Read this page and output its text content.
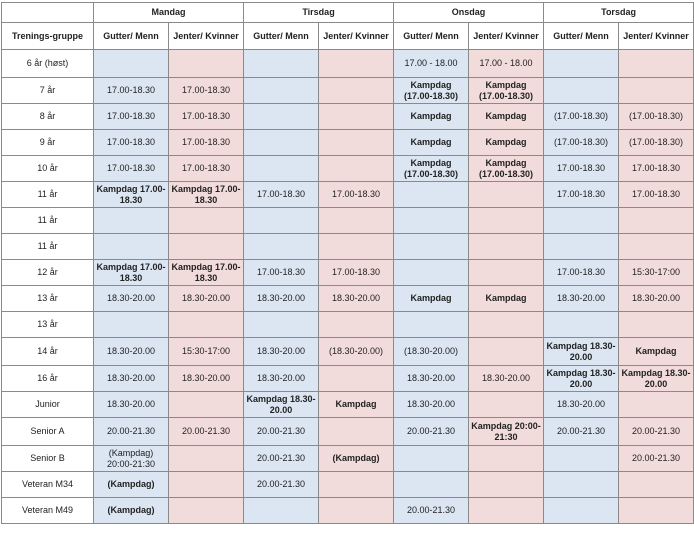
	Mandag		Tirsdag		Onsdag		Torsdag	
Trenings-gruppe	Gutter/ Menn	Jenter/ Kvinner	Gutter/ Menn	Jenter/ Kvinner	Gutter/ Menn	Jenter/ Kvinner	Gutter/ Menn	Jenter/ Kvinner
6 år (høst)					17.00 - 18.00	17.00 - 18.00		
7 år	17.00-18.30	17.00-18.30			Kampdag (17.00-18.30)	Kampdag (17.00-18.30)		
8 år	17.00-18.30	17.00-18.30			Kampdag	Kampdag	(17.00-18.30)	(17.00-18.30)
9 år	17.00-18.30	17.00-18.30			Kampdag	Kampdag	(17.00-18.30)	(17.00-18.30)
10 år	17.00-18.30	17.00-18.30			Kampdag (17.00-18.30)	Kampdag (17.00-18.30)	17.00-18.30	17.00-18.30
11 år	Kampdag 17.00-18.30	Kampdag 17.00-18.30	17.00-18.30	17.00-18.30			17.00-18.30	17.00-18.30
11 år								
11 år								
12 år	Kampdag 17.00-18.30	Kampdag 17.00-18.30	17.00-18.30	17.00-18.30			17.00-18.30	15:30-17:00
13 år	18.30-20.00	18.30-20.00	18.30-20.00	18.30-20.00	Kampdag	Kampdag	18.30-20.00	18.30-20.00
13 år								
14 år	18.30-20.00	15:30-17:00	18.30-20.00	(18.30-20.00)	(18.30-20.00)		Kampdag 18.30-20.00	Kampdag
16 år	18.30-20.00	18.30-20.00	18.30-20.00		18.30-20.00	18.30-20.00	Kampdag 18.30-20.00	Kampdag 18.30-20.00
Junior	18.30-20.00		Kampdag 18.30-20.00	Kampdag	18.30-20.00		18.30-20.00	
Senior A	20.00-21.30	20.00-21.30	20.00-21.30		20.00-21.30	Kampdag 20:00-21:30	20.00-21.30	20.00-21.30
Senior B	(Kampdag) 20:00-21:30		20.00-21.30	(Kampdag)				20.00-21.30
Veteran M34	(Kampdag)		20.00-21.30					
Veteran M49	(Kampdag)				20.00-21.30			
